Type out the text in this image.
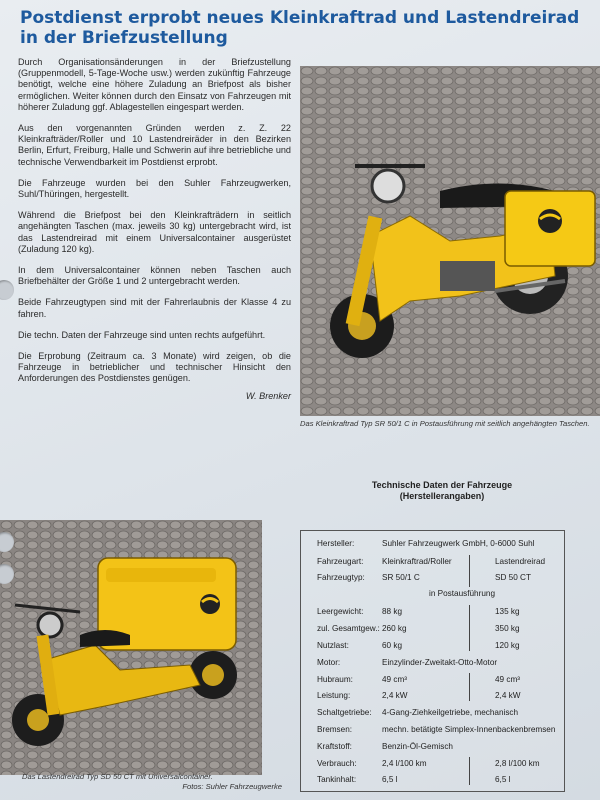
Postdienst erprobt neues Kleinkraftrad und Lastendreirad in der Briefzustellung

Durch Organisationsänderungen in der Briefzustellung (Gruppenmodell, 5-Tage-Woche usw.) werden zukünftig Fahrzeuge benötigt, welche eine höhere Zuladung an Briefpost als bisher ermöglichen. Weiter können durch den Einsatz von Fahrzeugen mit höherer Zuladung ggf. Ablagestellen eingespart werden.

Aus den vorgenannten Gründen werden z. Z. 22 Kleinkrafträder/Roller und 10 Lastendreiräder in den Bezirken Berlin, Erfurt, Freiburg, Halle und Schwerin auf ihre betriebliche und technische Verwendbarkeit im Postdienst erprobt.

Die Fahrzeuge wurden bei den Suhler Fahrzeugwerken, Suhl/Thüringen, hergestellt.

Während die Briefpost bei den Kleinkrafträdern in seitlich angehängten Taschen (max. jeweils 30 kg) untergebracht wird, ist das Lastendreirad mit einem Universalcontainer ausgerüstet (Zuladung 120 kg).

In dem Universalcontainer können neben Taschen auch Briefbehälter der Größe 1 und 2 untergebracht werden.

Beide Fahrzeugtypen sind mit der Fahrerlaubnis der Klasse 4 zu fahren.

Die techn. Daten der Fahrzeuge sind unten rechts aufgeführt.

Die Erprobung (Zeitraum ca. 3 Monate) wird zeigen, ob die Fahrzeuge in betrieblicher und technischer Hinsicht den Anforderungen des Postdienstes genügen.

W. Brenker

Das Kleinkraftrad Typ SR 50/1 C in Postausführung mit seitlich angehängten Taschen.
Technische Daten der Fahrzeuge
(Herstellerangaben)
Das Lastendreirad Typ SD 50 CT mit Universalcontainer.
Fotos: Suhler Fahrzeugwerke
Hersteller:	Suhler Fahrzeugwerk GmbH, 0-6000 Suhl
Fahrzeugart: Kleinkraftrad/Roller	Lastendreirad
Fahrzeugtyp: SR 50/1 C	SD 50 CT
in Postausführung
Leergewicht: 88 kg	135 kg
zul. Gesamtgew.: 260 kg	350 kg
Nutzlast:	60 kg	120 kg
Motor:	Einzylinder-Zweitakt-Otto-Motor
Hubraum:	49 cm³	49 cm³
Leistung:	2,4 kW	2,4 kW
Schaltgetriebe: 4-Gang-Ziehkeilgetriebe, mechanisch
Bremsen:	mechn. betätigte Simplex-Innenbackenbremsen
Kraftstoff:	Benzin-Öl-Gemisch
Verbrauch:	2,4 l/100 km	2,8 l/100 km
Tankinhalt:	6,5 l	6,5 l
